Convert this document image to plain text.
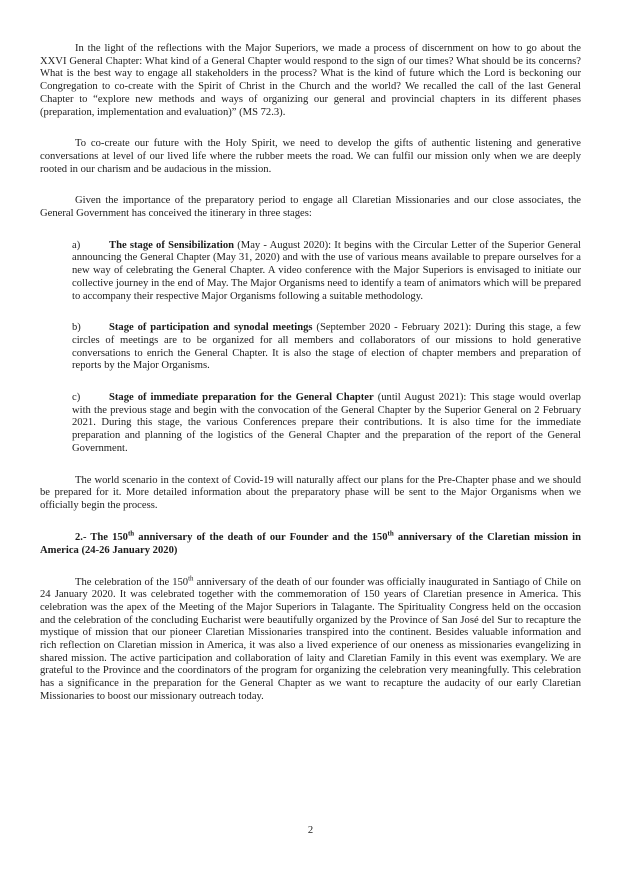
In the light of the reflections with the Major Superiors, we made a process of discernment on how to go about the XXVI General Chapter: What kind of a General Chapter would respond to the sign of our times? What should be its concerns? What is the best way to engage all stakeholders in the process? What is the kind of future which the Lord is beckoning our Congregation to co-create with the Spirit of Christ in the Church and the world? We recalled the call of the last General Chapter to “explore new methods and ways of organizing our general and provincial chapters in its different phases (preparation, implementation and evaluation)” (MS 72.3).

To co-create our future with the Holy Spirit, we need to develop the gifts of authentic listening and generative conversations at level of our lived life where the rubber meets the road. We can fulfil our mission only when we are deeply rooted in our charism and be audacious in the mission.

Given the importance of the preparatory period to engage all Claretian Missionaries and our close associates, the General Government has conceived the itinerary in three stages:

a)	The stage of Sensibilization (May - August 2020): It begins with the Circular Letter of the Superior General announcing the General Chapter (May 31, 2020) and with the use of various means available to prepare ourselves for a new way of celebrating the General Chapter. A video conference with the Major Superiors is envisaged to initiate our collective journey in the end of May. The Major Organisms need to identify a team of animators which will be prepared to accompany their respective Major Organisms following a suitable methodology.

b)	Stage of participation and synodal meetings (September 2020 - February 2021): During this stage, a few circles of meetings are to be organized for all members and collaborators of our missions to hold generative conversations to enrich the General Chapter. It is also the stage of election of chapter members and preparation of reports by the Major Organisms.

c)	Stage of immediate preparation for the General Chapter (until August 2021): This stage would overlap with the previous stage and begin with the convocation of the General Chapter by the Superior General on 2 February 2021. During this stage, the various Conferences prepare their contributions. It is also time for the immediate preparation and planning of the logistics of the General Chapter and the preparation of the report of the General Government.

The world scenario in the context of Covid-19 will naturally affect our plans for the Pre-Chapter phase and we should be prepared for it. More detailed information about the preparatory phase will be sent to the Major Organisms when we officially begin the process.

2.- The 150th anniversary of the death of our Founder and the 150th anniversary of the Claretian mission in America (24-26 January 2020)

The celebration of the 150th anniversary of the death of our founder was officially inaugurated in Santiago of Chile on 24 January 2020. It was celebrated together with the commemoration of 150 years of Claretian presence in America. This celebration was the apex of the Meeting of the Major Superiors in Talagante. The Spirituality Congress held on the occasion and the celebration of the concluding Eucharist were beautifully organized by the Province of San José del Sur to recapture the mystique of mission that our pioneer Claretian Missionaries transpired into the continent. Besides valuable information and rich reflection on Claretian mission in America, it was also a lived experience of our oneness as missionaries evangelizing in shared mission. The active participation and collaboration of laity and Claretian Family in this event was exemplary. We are grateful to the Province and the coordinators of the program for organizing the celebration very meaningfully. This celebration has a significance in the preparation for the General Chapter as we want to recapture the audacity of our early Claretian Missionaries to boost our missionary outreach today.

2
